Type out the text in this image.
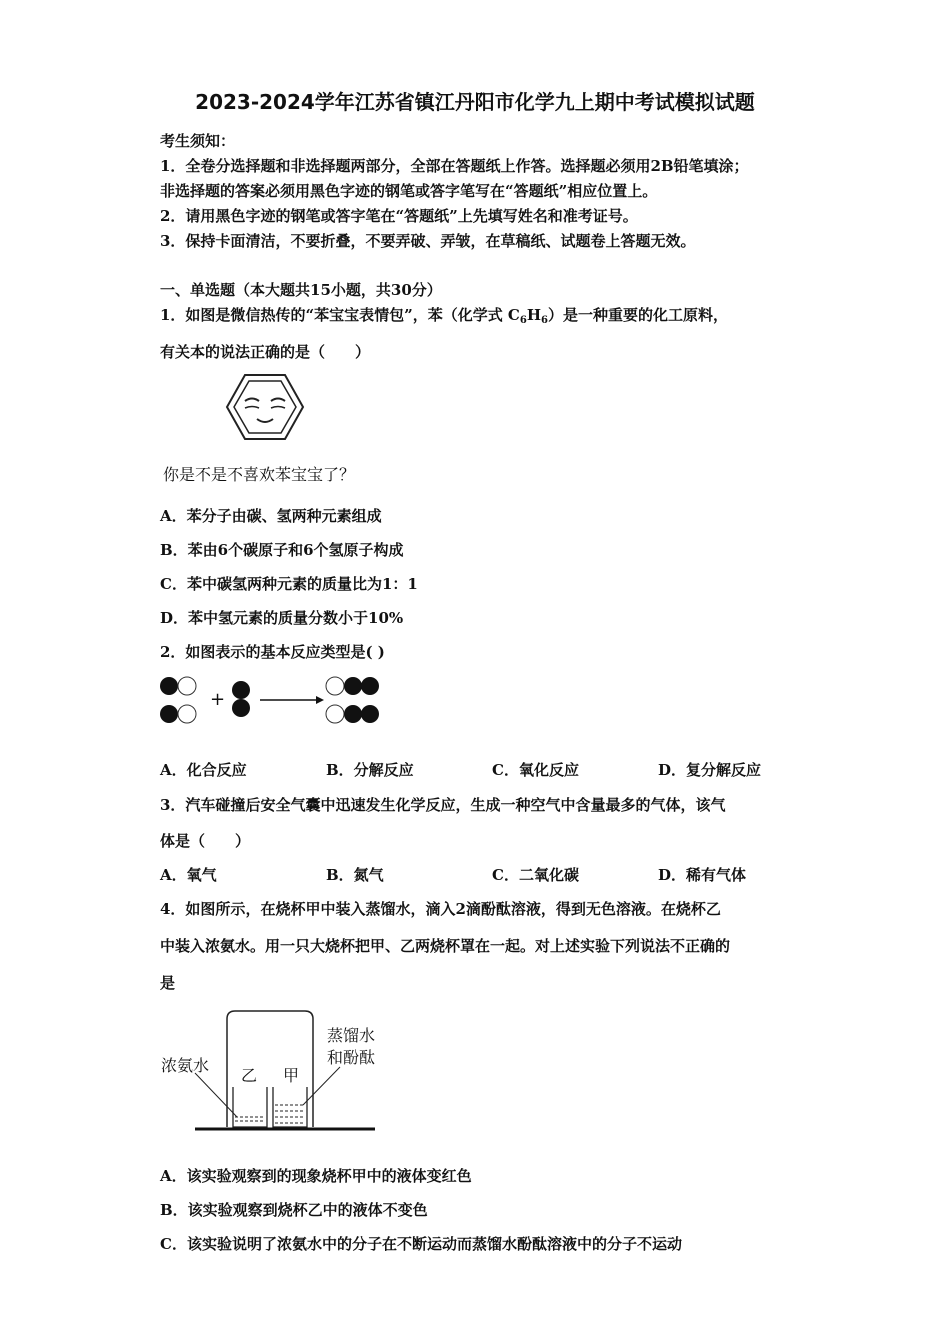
2023-2024学年江苏省镇江丹阳市化学九上期中考试模拟试题
考生须知：
1．全卷分选择题和非选择题两部分，全部在答题纸上作答。选择题必须用2B铅笔填涂；
非选择题的答案必须用黑色字迹的钢笔或答字笔写在“答题纸”相应位置上。
2．请用黑色字迹的钢笔或答字笔在“答题纸”上先填写姓名和准考证号。
3．保持卡面清洁，不要折叠，不要弄破、弄皱，在草稿纸、试题卷上答题无效。
一、单选题（本大题共15小题，共30分）
1．如图是微信热传的“苯宝宝表情包”，苯（化学式 $C_6H_6$）是一种重要的化工原料，
有关本的说法正确的是（　　）
你是不是不喜欢苯宝宝了？
A．苯分子由碳、氢两种元素组成
B．苯由6个碳原子和6个氢原子构成
C．苯中碳氢两种元素的质量比为1：1
D．苯中氢元素的质量分数小于10%
2．如图表示的基本反应类型是( )
+
A．化合反应	B．分解反应	C．氧化反应	D．复分解反应
3．汽车碰撞后安全气囊中迅速发生化学反应，生成一种空气中含量最多的气体，该气
体是（　　）
A．氧气	B．氮气	C．二氧化碳	D．稀有气体
4．如图所示，在烧杯甲中装入蒸馏水，滴入2滴酚酞溶液，得到无色溶液。在烧杯乙
中装入浓氨水。用一只大烧杯把甲、乙两烧杯罩在一起。对上述实验下列说法不正确的
是
浓氨水
乙 甲
蒸馏水
和酚酞
A．该实验观察到的现象烧杯甲中的液体变红色
B．该实验观察到烧杯乙中的液体不变色
C．该实验说明了浓氨水中的分子在不断运动而蒸馏水酚酞溶液中的分子不运动
